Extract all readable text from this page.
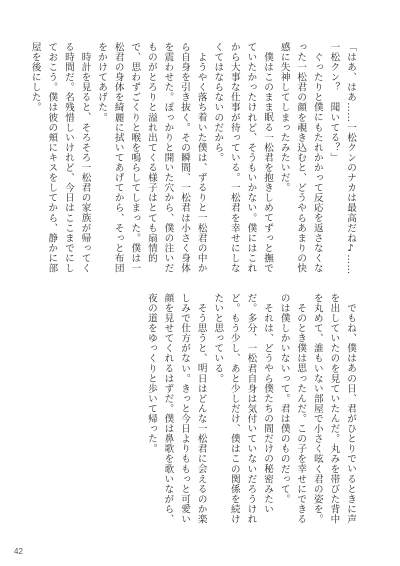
「はあ、はあ……一松クンのナカは最高だね♪……一松クン？　聞いてる？」

ぐったりと僕にもたれかかって反応を返さなくなった一松君の顔を覗き込むと、どうやらあまりの快感に失神してしまったみたいだ。

僕はこのまま眠る一松君を抱きしめてずっと撫でていたかったけれど、そうもいかない。僕にはこれから大事な仕事が待っている。一松君を幸せにしなくてはならないのだから。

ようやく落ち着いた僕は、ずるりと一松君の中から自身を引き抜く。その瞬間、一松君は小さく身体を震わせた。ぽっかりと開いた穴から、僕の注いだものがとろりと溢れ出てくる様子はとても扇情的で、思わずごくりと喉を鳴らしてしまった。僕は一松君の身体を綺麗に拭いてあげてから、そっと布団をかけてあげた。

時計を見ると、そろそろ一松君の家族が帰ってくる時間だ。名残惜しいけれど、今日はここまでにしておこう。僕は彼の頬にキスをしてから、静かに部屋を後にした。

でもね、僕はあの日、君がひとりでいるときに声を出していたのを見ていたんだ。丸みを帯びた背中を丸めて、誰もいない部屋で小さく呟く君の姿を。

そのとき僕は思ったんだ。この子を幸せにできるのは僕しかいないって。君は僕のものだって。

それは、どうやら僕たちの間だけの秘密みたいだ。多分、一松君自身は気付いていないだろうけれど。もう少し、あと少しだけ、僕はこの関係を続けたいと思っている。

そう思うと、明日はどんな一松君に会えるのか楽しみで仕方がない。きっと今日よりももっと可愛い顔を見せてくれるはずだ。僕は鼻歌を歌いながら、夜の道をゆっくりと歩いて帰った。

42
